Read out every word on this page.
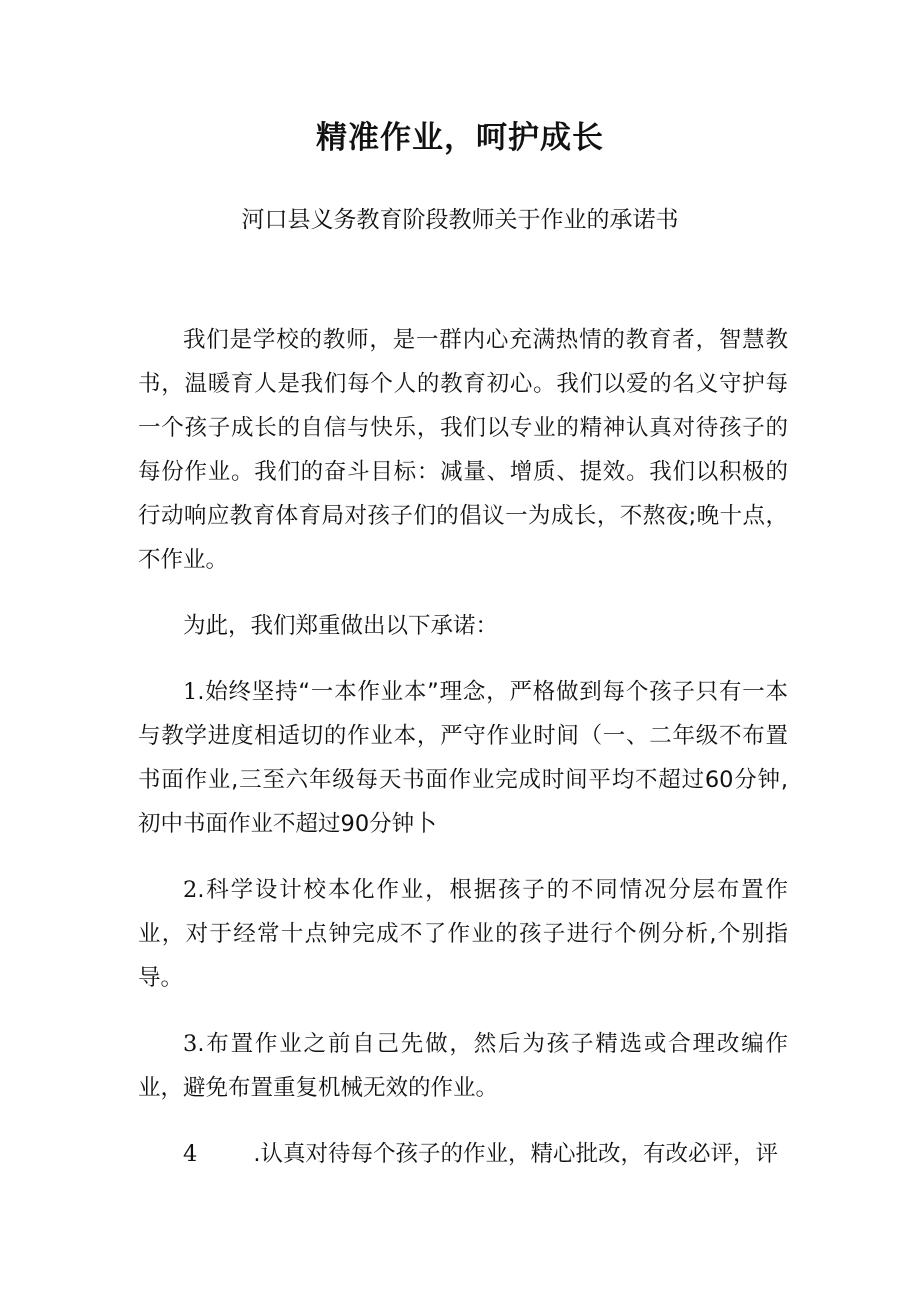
精准作业，呵护成长
河口县义务教育阶段教师关于作业的承诺书

我们是学校的教师，是一群内心充满热情的教育者，智慧教书，温暖育人是我们每个人的教育初心。我们以爱的名义守护每一个孩子成长的自信与快乐，我们以专业的精神认真对待孩子的每份作业。我们的奋斗目标：减量、增质、提效。我们以积极的行动响应教育体育局对孩子们的倡议一为成长，不熬夜;晚十点，不作业。

为此，我们郑重做出以下承诺：

1.始终坚持“一本作业本”理念，严格做到每个孩子只有一本与教学进度相适切的作业本，严守作业时间（一、二年级不布置书面作业,三至六年级每天书面作业完成时间平均不超过60分钟,初中书面作业不超过90分钟卜

2.科学设计校本化作业，根据孩子的不同情况分层布置作业，对于经常十点钟完成不了作业的孩子进行个例分析,个别指导。

3.布置作业之前自己先做，然后为孩子精选或合理改编作业，避免布置重复机械无效的作业。

4 .认真对待每个孩子的作业，精心批改，有改必评，评
